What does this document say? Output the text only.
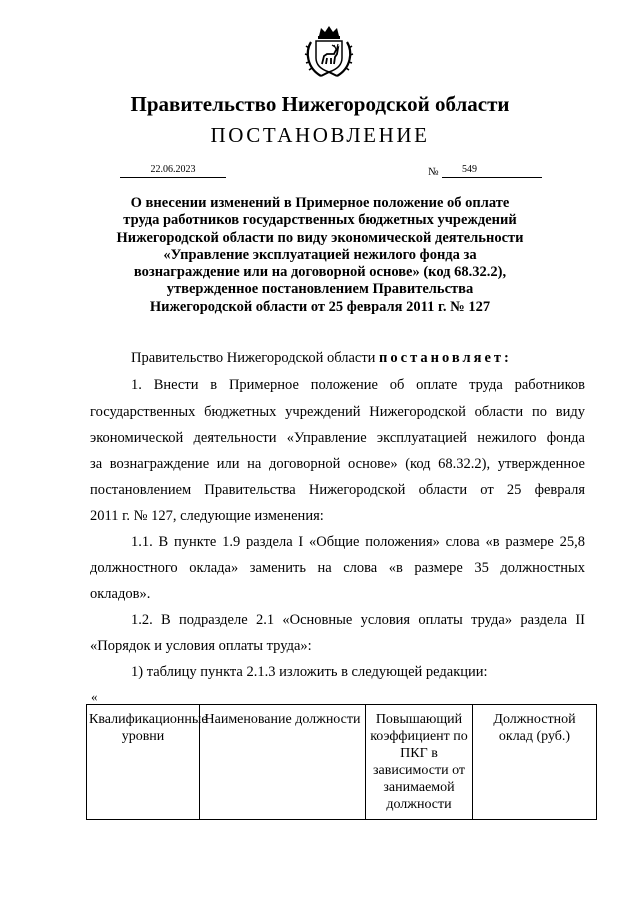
Правительство Нижегородской области
ПОСТАНОВЛЕНИЕ
22.06.2023	№	549
О внесении изменений в Примерное положение об оплате
труда работников государственных бюджетных учреждений
Нижегородской области по виду экономической деятельности
«Управление эксплуатацией нежилого фонда за
вознаграждение или на договорной основе» (код 68.32.2),
утвержденное постановлением Правительства
Нижегородской области от 25 февраля 2011 г. № 127
Правительство Нижегородской области постановляет:
1. Внести в Примерное положение об оплате труда работников
государственных бюджетных учреждений Нижегородской области по виду
экономической деятельности «Управление эксплуатацией нежилого фонда
за вознаграждение или на договорной основе» (код 68.32.2), утвержденное
постановлением Правительства Нижегородской области от 25 февраля
2011 г. № 127, следующие изменения:
1.1. В пункте 1.9 раздела I «Общие положения» слова «в размере 25,8
должностного оклада» заменить на слова «в размере 35 должностных
окладов».
1.2. В подразделе 2.1 «Основные условия оплаты труда» раздела II
«Порядок и условия оплаты труда»:
1) таблицу пункта 2.1.3 изложить в следующей редакции:
«
Квалификационные уровни	Наименование должности	Повышающий коэффициент по ПКГ в зависимости от занимаемой должности	Должностной оклад (руб.)
